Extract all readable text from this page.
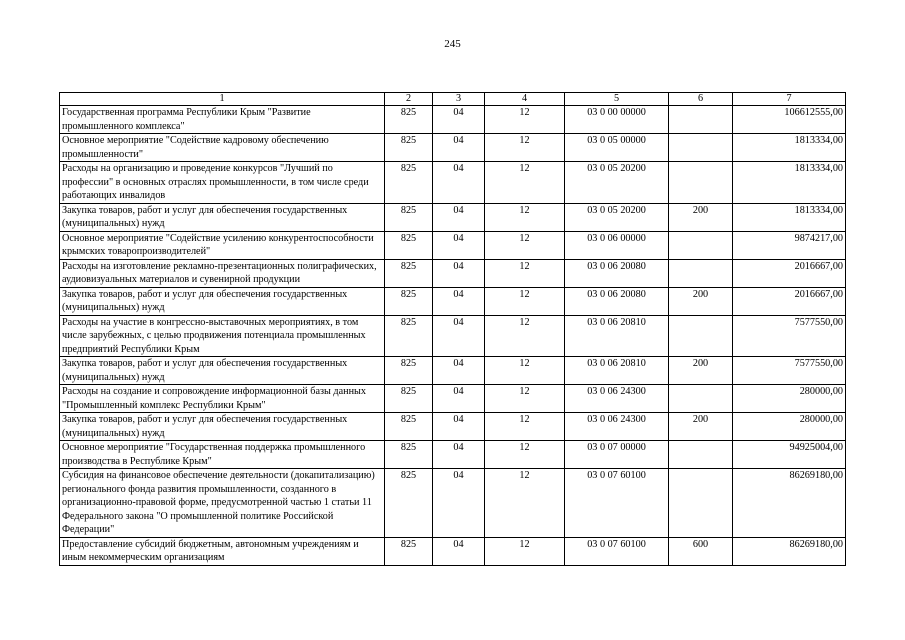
245
1	2	3	4	5	6	7
Государственная программа Республики Крым "Развитие промышленного комплекса"	825	04	12	03 0 00 00000		106612555,00
Основное мероприятие "Содействие кадровому обеспечению промышленности"	825	04	12	03 0 05 00000		1813334,00
Расходы на организацию и проведение конкурсов "Лучший по профессии" в основных отраслях промышленности, в том числе среди работающих инвалидов	825	04	12	03 0 05 20200		1813334,00
Закупка товаров, работ и услуг для обеспечения государственных (муниципальных) нужд	825	04	12	03 0 05 20200	200	1813334,00
Основное мероприятие "Содействие усилению конкурентоспособности крымских товаропроизводителей"	825	04	12	03 0 06 00000		9874217,00
Расходы на изготовление рекламно-презентационных полиграфических, аудиовизуальных материалов и сувенирной продукции	825	04	12	03 0 06 20080		2016667,00
Закупка товаров, работ и услуг для обеспечения государственных (муниципальных) нужд	825	04	12	03 0 06 20080	200	2016667,00
Расходы на участие в конгрессно-выставочных мероприятиях, в том числе зарубежных, с целью продвижения потенциала промышленных предприятий Республики Крым	825	04	12	03 0 06 20810		7577550,00
Закупка товаров, работ и услуг для обеспечения государственных (муниципальных) нужд	825	04	12	03 0 06 20810	200	7577550,00
Расходы на создание и сопровождение информационной базы данных "Промышленный комплекс Республики Крым"	825	04	12	03 0 06 24300		280000,00
Закупка товаров, работ и услуг для обеспечения государственных (муниципальных) нужд	825	04	12	03 0 06 24300	200	280000,00
Основное мероприятие "Государственная поддержка промышленного производства в Республике Крым"	825	04	12	03 0 07 00000		94925004,00
Субсидия на финансовое обеспечение деятельности (докапитализацию) регионального фонда развития промышленности, созданного в организационно-правовой форме, предусмотренной частью 1 статьи 11 Федерального закона "О промышленной политике Российской Федерации"	825	04	12	03 0 07 60100		86269180,00
Предоставление субсидий бюджетным, автономным учреждениям и иным некоммерческим организациям	825	04	12	03 0 07 60100	600	86269180,00
